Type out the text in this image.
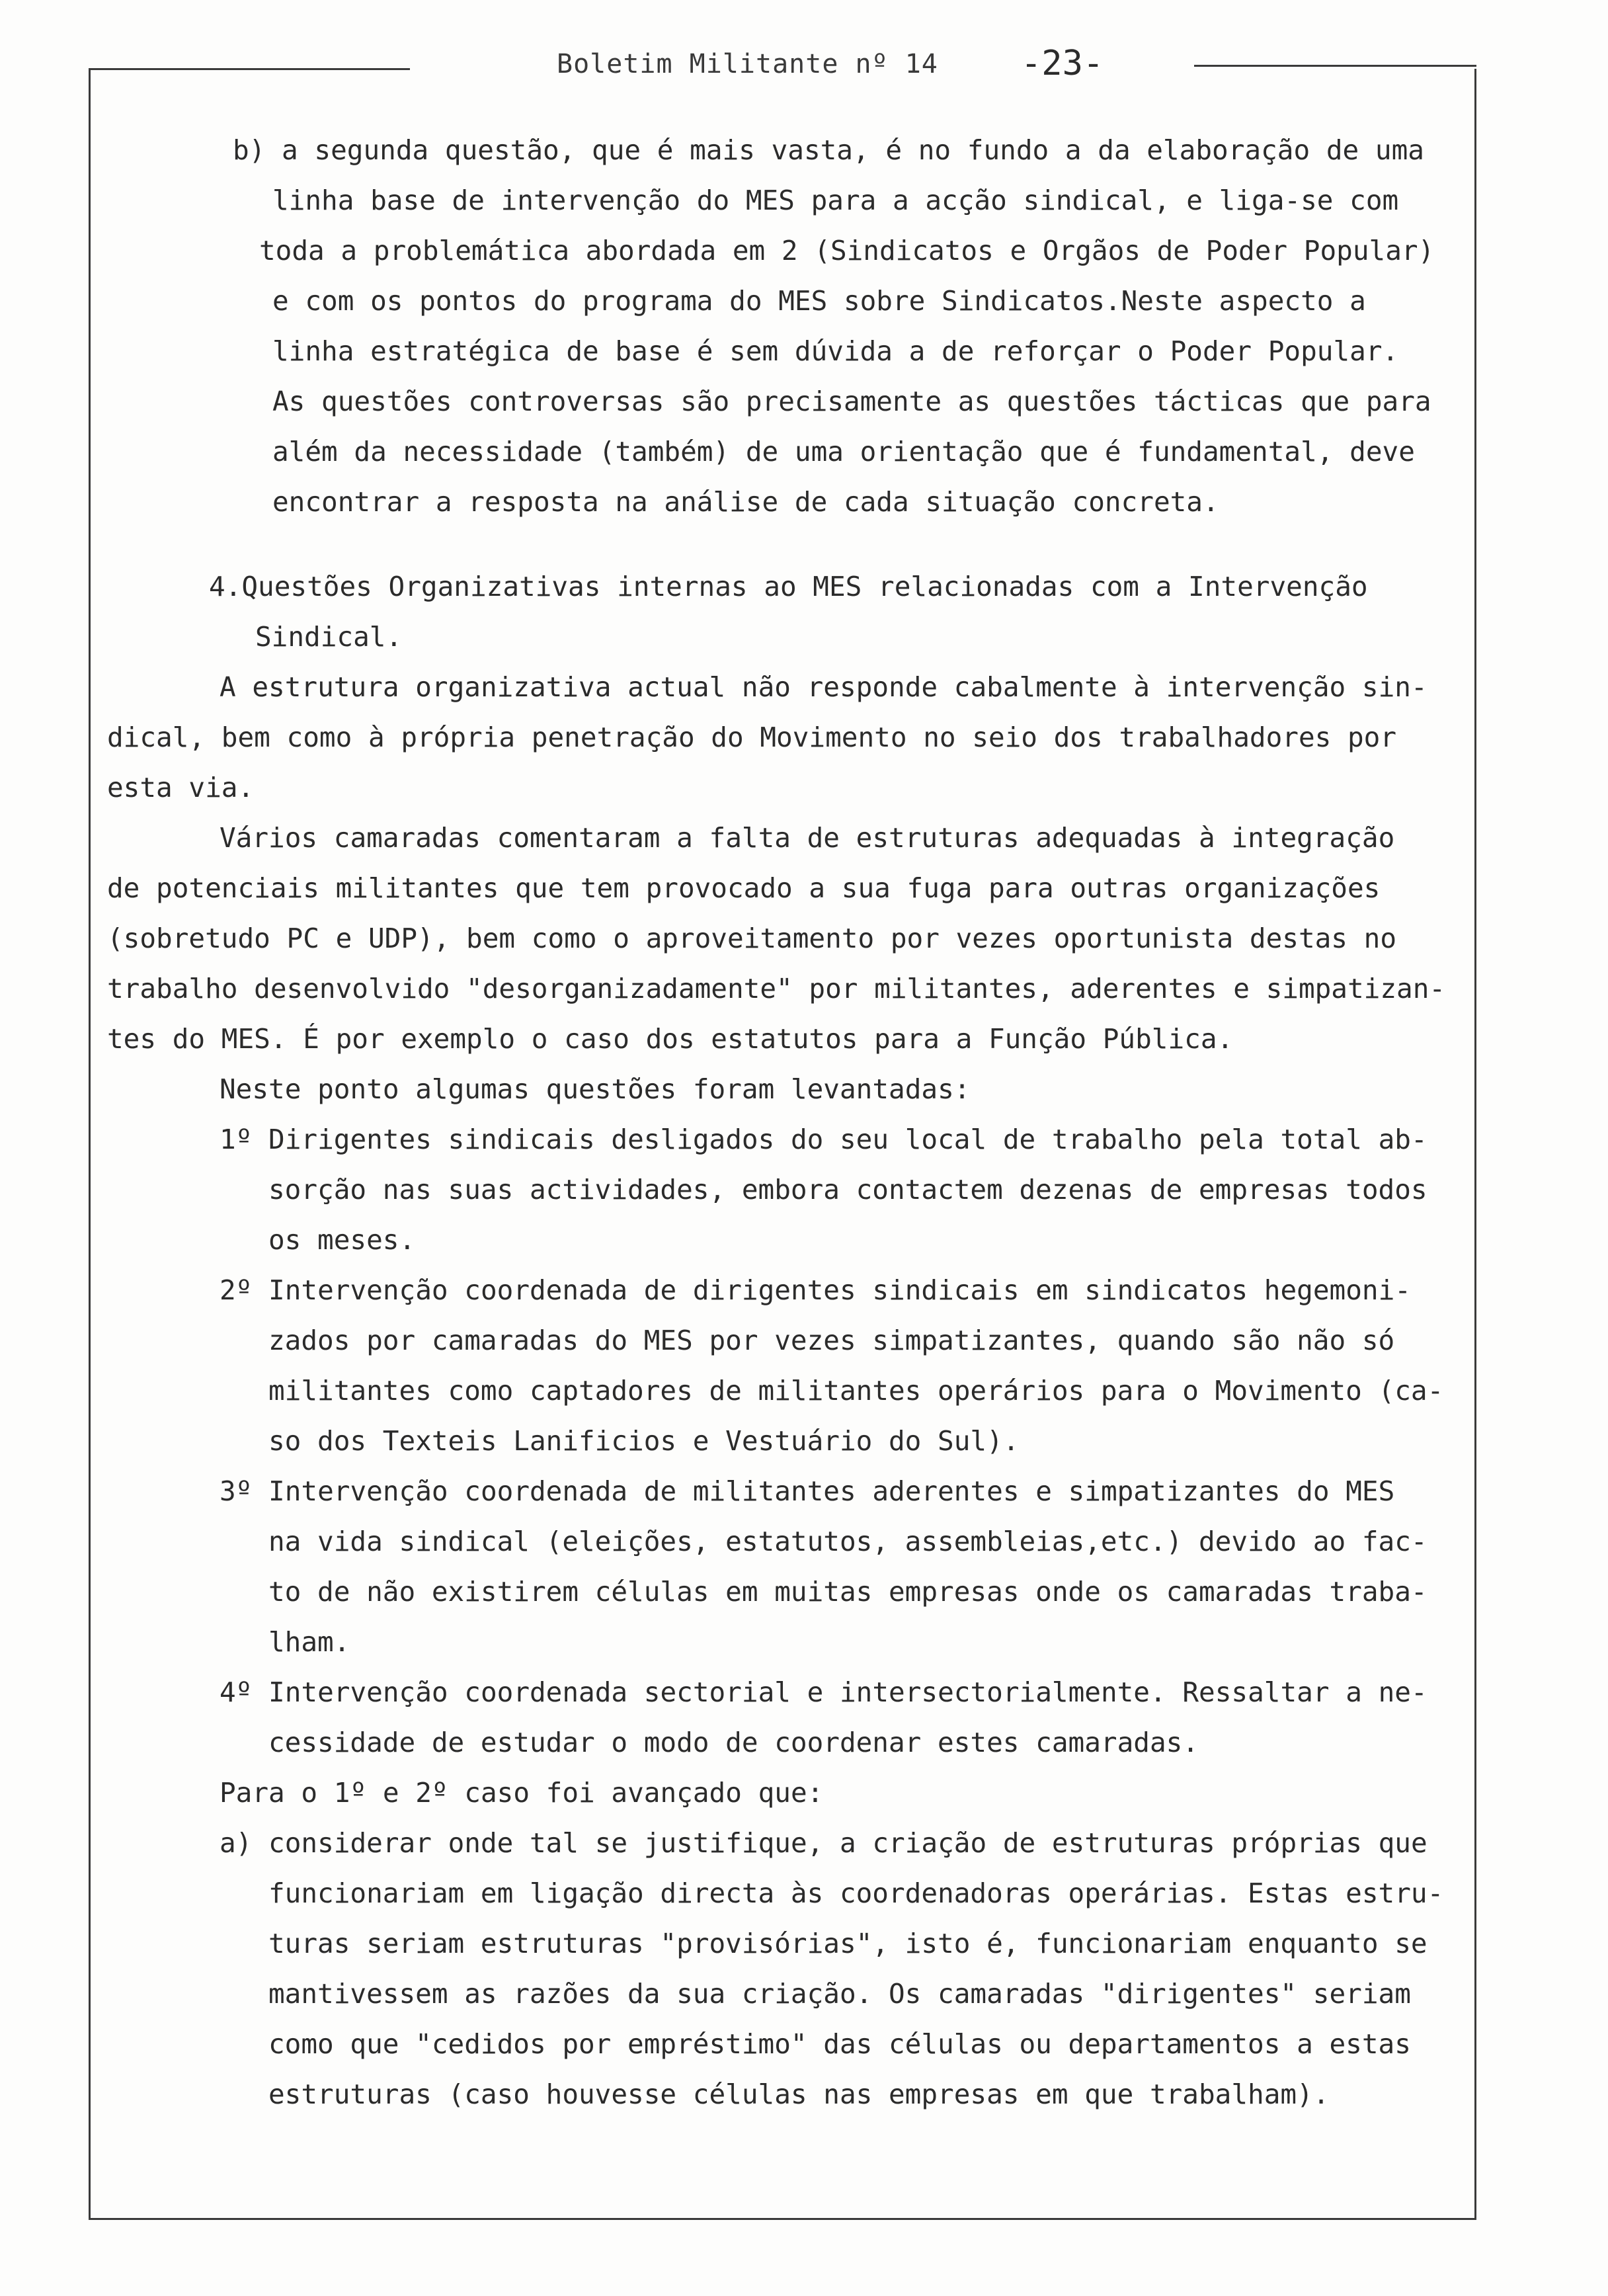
Boletim Militante nº 14 -23-
b) a segunda questão, que é mais vasta, é no fundo a da elaboração de uma
linha base de intervenção do MES para a acção sindical, e liga-se com
toda a problemática abordada em 2 (Sindicatos e Orgãos de Poder Popular)
e com os pontos do programa do MES sobre Sindicatos.Neste aspecto a
linha estratégica de base é sem dúvida a de reforçar o Poder Popular.
As questões controversas são precisamente as questões tácticas que para
além da necessidade (também) de uma orientação que é fundamental, deve
encontrar a resposta na análise de cada situação concreta.
4.Questões Organizativas internas ao MES relacionadas com a Intervenção
Sindical.
A estrutura organizativa actual não responde cabalmente à intervenção sin-
dical, bem como à própria penetração do Movimento no seio dos trabalhadores por
esta via.
Vários camaradas comentaram a falta de estruturas adequadas à integração
de potenciais militantes que tem provocado a sua fuga para outras organizações
(sobretudo PC e UDP), bem como o aproveitamento por vezes oportunista destas no
trabalho desenvolvido "desorganizadamente" por militantes, aderentes e simpatizan-
tes do MES. É por exemplo o caso dos estatutos para a Função Pública.
Neste ponto algumas questões foram levantadas:
1º Dirigentes sindicais desligados do seu local de trabalho pela total ab-
sorção nas suas actividades, embora contactem dezenas de empresas todos
os meses.
2º Intervenção coordenada de dirigentes sindicais em sindicatos hegemoni-
zados por camaradas do MES por vezes simpatizantes, quando são não só
militantes como captadores de militantes operários para o Movimento (ca-
so dos Texteis Lanificios e Vestuário do Sul).
3º Intervenção coordenada de militantes aderentes e simpatizantes do MES
na vida sindical (eleições, estatutos, assembleias,etc.) devido ao fac-
to de não existirem células em muitas empresas onde os camaradas traba-
lham.
4º Intervenção coordenada sectorial e intersectorialmente. Ressaltar a ne-
cessidade de estudar o modo de coordenar estes camaradas.
Para o 1º e 2º caso foi avançado que:
a) considerar onde tal se justifique, a criação de estruturas próprias que
funcionariam em ligação directa às coordenadoras operárias. Estas estru-
turas seriam estruturas "provisórias", isto é, funcionariam enquanto se
mantivessem as razões da sua criação. Os camaradas "dirigentes" seriam
como que "cedidos por empréstimo" das células ou departamentos a estas
estruturas (caso houvesse células nas empresas em que trabalham).
